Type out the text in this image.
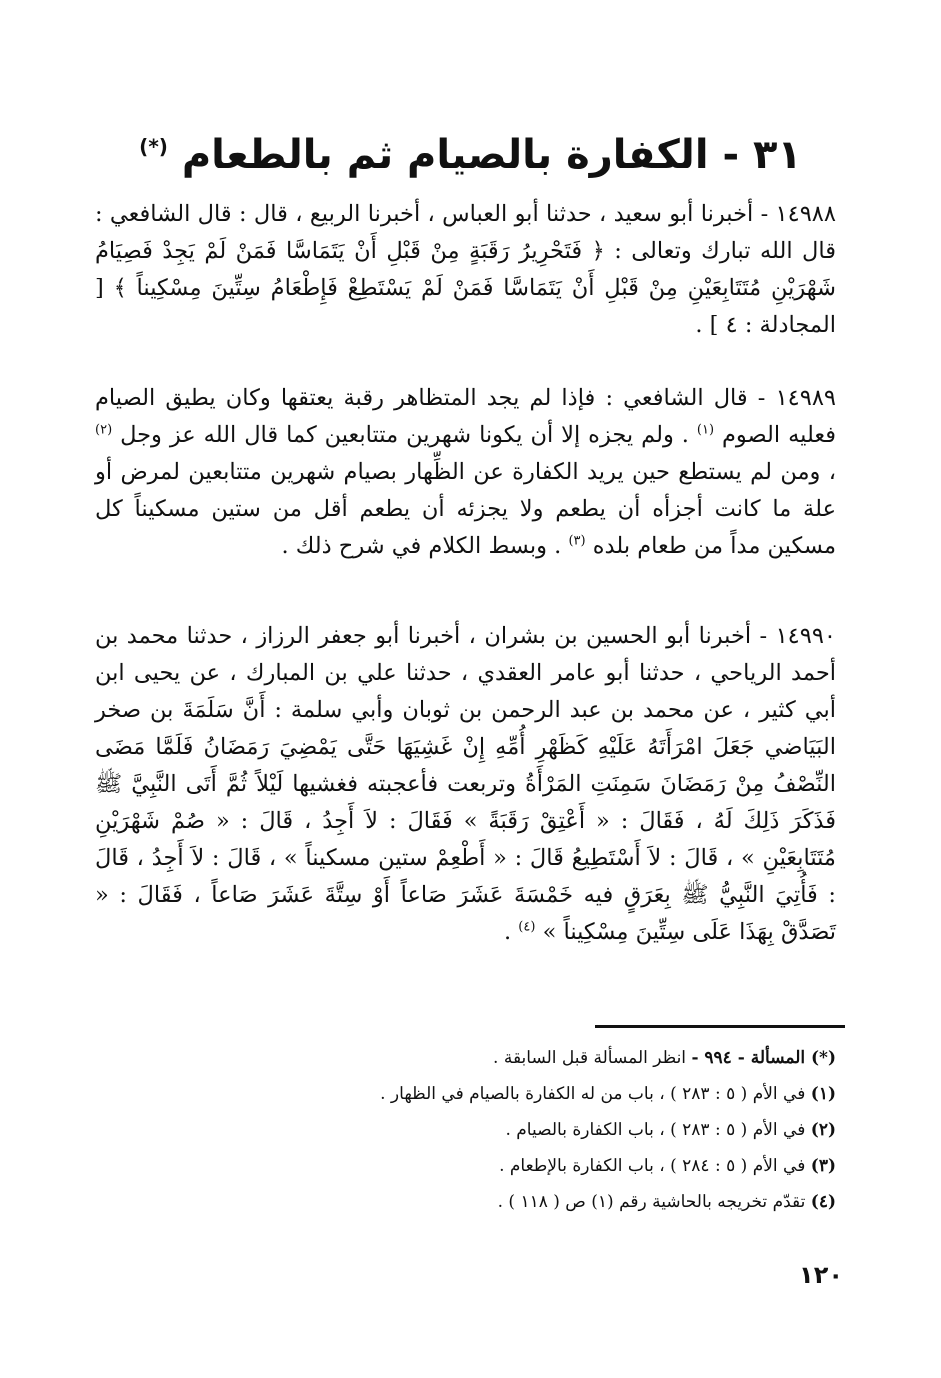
٣١ - الكفارة بالصيام ثم بالطعام (*)
١٤٩٨٨ - أخبرنا أبو سعيد ، حدثنا أبو العباس ، أخبرنا الربيع ، قال : قال الشافعي : قال الله تبارك وتعالى : ﴿ فَتَحْرِيرُ رَقَبَةٍ مِنْ قَبْلِ أَنْ يَتَمَاسَّا فَمَنْ لَمْ يَجِدْ فَصِيَامُ شَهْرَيْنِ مُتَتَابِعَيْنِ مِنْ قَبْلِ أَنْ يَتَمَاسَّا فَمَنْ لَمْ يَسْتَطِعْ فَإِطْعَامُ سِتِّينَ مِسْكِيناً ﴾ [ المجادلة : ٤ ] .
١٤٩٨٩ - قال الشافعي : فإذا لم يجد المتظاهر رقبة يعتقها وكان يطيق الصيام فعليه الصوم $^{(١)}$ . ولم يجزه إلا أن يكونا شهرين متتابعين كما قال الله عز وجل $^{(٢)}$ ، ومن لم يستطع حين يريد الكفارة عن الظِّهار بصيام شهرين متتابعين لمرض أو علة ما كانت أجزأه أن يطعم ولا يجزئه أن يطعم أقل من ستين مسكيناً كل مسكين مداً من طعام بلده $^{(٣)}$ . وبسط الكلام في شرح ذلك .
١٤٩٩٠ - أخبرنا أبو الحسين بن بشران ، أخبرنا أبو جعفر الرزاز ، حدثنا محمد بن أحمد الرياحي ، حدثنا أبو عامر العقدي ، حدثنا علي بن المبارك ، عن يحيى ابن أبي كثير ، عن محمد بن عبد الرحمن بن ثوبان وأبي سلمة : أَنَّ سَلَمَةَ بن صخر البَيَاضي جَعَلَ امْرَأَتَهُ عَلَيْهِ كَظَهْرِ أُمِّهِ إِنْ غَشِيَهَا حَتَّى يَمْضِيَ رَمَضَانُ فَلَمَّا مَضَى النِّصْفُ مِنْ رَمَضَانَ سَمِنَتِ المَرْأَةُ وتربعت فأعجبته فغشيها لَيْلاً ثُمَّ أَتَى النَّبِيَّ ﷺ فَذَكَرَ ذَلِكَ لَهُ ، فَقَالَ : « أَعْتِقْ رَقَبَةً » فَقَالَ : لاَ أَجِدُ ، قَالَ : « صُمْ شَهْرَيْنِ مُتَتَابِعَيْنِ » ، قَالَ : لاَ أَسْتَطِيعُ قَالَ : « أَطْعِمْ ستين مسكيناً » ، قَالَ : لاَ أَجِدُ ، قَالَ : فَأُتِيَ النَّبِيُّ ﷺ بِعَرَقٍ فيه خَمْسَةَ عَشَرَ صَاعاً أَوْ سِتَّةَ عَشَرَ صَاعاً ، فَقَالَ : « تَصَدَّقْ بِهَذَا عَلَى سِتِّينَ مِسْكِيناً » $^{(٤)}$ .
(*) المسألة - ٩٩٤ - انظر المسألة قبل السابقة .
(١) في الأم ( ٥ : ٢٨٣ ) ، باب من له الكفارة بالصيام في الظهار .
(٢) في الأم ( ٥ : ٢٨٣ ) ، باب الكفارة بالصيام .
(٣) في الأم ( ٥ : ٢٨٤ ) ، باب الكفارة بالإطعام .
(٤) تقدّم تخريجه بالحاشية رقم (١) ص ( ١١٨ ) .
١٢٠
